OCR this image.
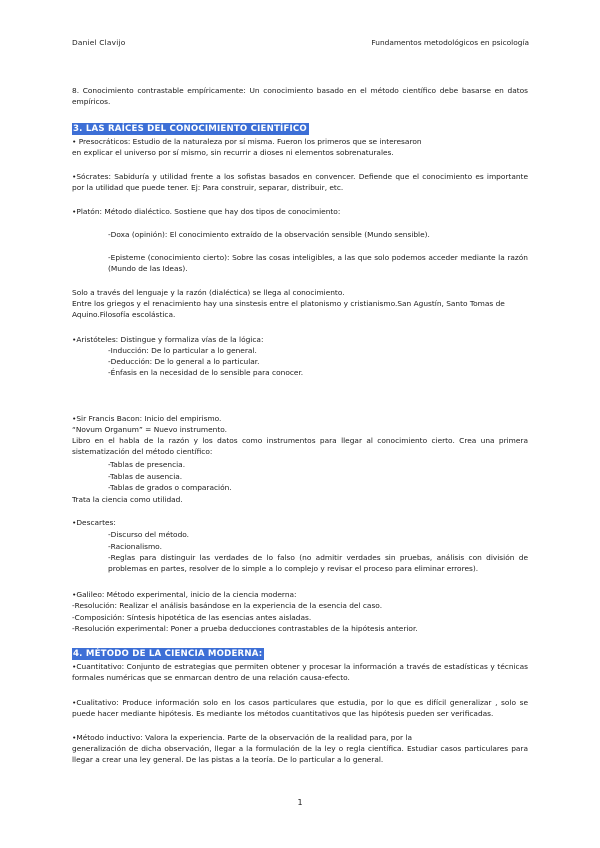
Daniel Clavijo	Fundamentos metodológicos en psicología

8. Conocimiento contrastable empíricamente: Un conocimiento basado en el método científico debe basarse en datos empíricos.

3. LAS RAÍCES DEL CONOCIMIENTO CIENTÍFICO

• Presocráticos: Estudio de la naturaleza por sí misma. Fueron los primeros que se interesaron

en explicar el universo por sí mismo, sin recurrir a dioses ni elementos sobrenaturales.

•Sócrates: Sabiduría y utilidad frente a los sofistas basados en convencer. Defiende que el conocimiento es importante por la utilidad que puede tener. Ej: Para construir, separar, distribuir, etc.

•Platón: Método dialéctico. Sostiene que hay dos tipos de conocimiento:

-Doxa (opinión): El conocimiento extraído de la observación sensible (Mundo sensible).

-Episteme (conocimiento cierto): Sobre las cosas inteligibles, a las que solo podemos acceder mediante la razón (Mundo de las Ideas).

Solo a través del lenguaje y la razón (dialéctica) se llega al conocimiento.

Entre los griegos y el renacimiento hay una sinstesis entre el platonismo y cristianismo.San Agustín, Santo Tomas de Aquino.Filosofía escolástica.

•Aristóteles: Distingue y formaliza vías de la lógica:

-Inducción: De lo particular a lo general.

-Deducción: De lo general a lo particular.

-Énfasis en la necesidad de lo sensible para conocer.

•Sir Francis Bacon: Inicio del empirismo.

“Novum Organum” = Nuevo instrumento.

Libro en el habla de la razón y los datos como instrumentos para llegar al conocimiento cierto. Crea una primera sistematización del método científico:

-Tablas de presencia.

-Tablas de ausencia.

-Tablas de grados o comparación.

Trata la ciencia como utilidad.

•Descartes:

-Discurso del método.

-Racionalismo.

-Reglas para distinguir las verdades de lo falso (no admitir verdades sin pruebas, análisis con división de problemas en partes, resolver de lo simple a lo complejo y revisar el proceso para eliminar errores).

•Galileo: Método experimental, inicio de la ciencia moderna:

-Resolución: Realizar el análisis basándose en la experiencia de la esencia del caso.

-Composición: Síntesis hipotética de las esencias antes aisladas.

-Resolución experimental: Poner a prueba deducciones contrastables de la hipótesis anterior.

4. MÉTODO DE LA CIENCIA MODERNA:

•Cuantitativo: Conjunto de estrategias que permiten obtener y procesar la información a través de estadísticas y técnicas formales numéricas que se enmarcan dentro de una relación causa-efecto.

•Cualitativo: Produce información solo en los casos particulares que estudia, por lo que es difícil generalizar , solo se puede hacer mediante hipótesis. Es mediante los métodos cuantitativos que las hipótesis pueden ser verificadas.

•Método inductivo: Valora la experiencia. Parte de la observación de la realidad para, por la

generalización de dicha observación, llegar a la formulación de la ley o regla científica. Estudiar casos particulares para llegar a crear una ley general. De las pistas a la teoría. De lo particular a lo general.

1
